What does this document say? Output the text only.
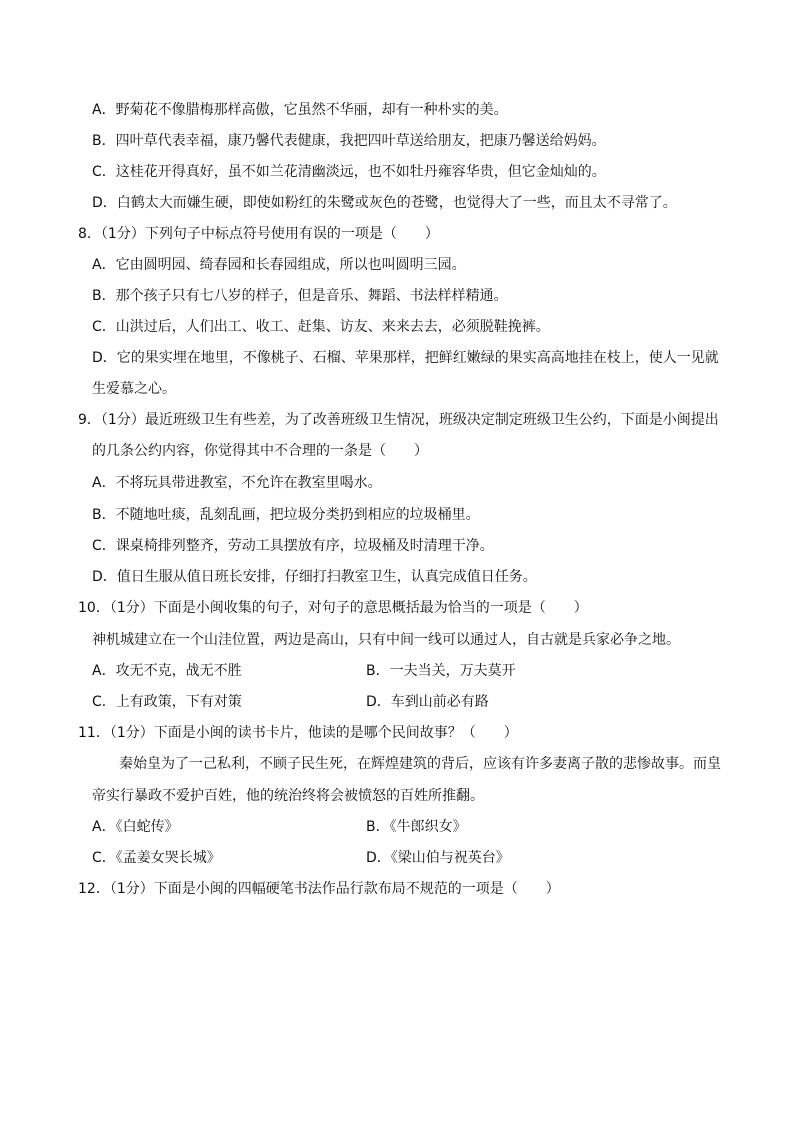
A．野菊花不像腊梅那样高傲，它虽然不华丽，却有一种朴实的美。
B．四叶草代表幸福，康乃馨代表健康，我把四叶草送给朋友，把康乃馨送给妈妈。
C．这桂花开得真好，虽不如兰花清幽淡远，也不如牡丹雍容华贵，但它金灿灿的。
D．白鹤太大而嫌生硬，即使如粉红的朱鹭或灰色的苍鹭，也觉得大了一些，而且太不寻常了。
8．（1分）下列句子中标点符号使用有误的一项是（　　）
A．它由圆明园、绮春园和长春园组成，所以也叫圆明三园。
B．那个孩子只有七八岁的样子，但是音乐、舞蹈、书法样样精通。
C．山洪过后，人们出工、收工、赶集、访友、来来去去，必须脱鞋挽裤。
D．它的果实埋在地里，不像桃子、石榴、苹果那样，把鲜红嫩绿的果实高高地挂在枝上，使人一见就
生爱慕之心。
9．（1分）最近班级卫生有些差，为了改善班级卫生情况，班级决定制定班级卫生公约，下面是小闽提出
的几条公约内容，你觉得其中不合理的一条是（　　）
A．不将玩具带进教室，不允许在教室里喝水。
B．不随地吐痰，乱刻乱画，把垃圾分类扔到相应的垃圾桶里。
C．课桌椅排列整齐，劳动工具摆放有序，垃圾桶及时清理干净。
D．值日生服从值日班长安排，仔细打扫教室卫生，认真完成值日任务。
10．（1分）下面是小闽收集的句子，对句子的意思概括最为恰当的一项是（　　）
神机城建立在一个山洼位置，两边是高山，只有中间一线可以通过人，自古就是兵家必争之地。
A．攻无不克，战无不胜	B．一夫当关，万夫莫开
C．上有政策，下有对策	D．车到山前必有路
11．（1分）下面是小闽的读书卡片，他读的是哪个民间故事？（　　）
秦始皇为了一己私利，不顾子民生死，在辉煌建筑的背后，应该有许多妻离子散的悲惨故事。而皇
帝实行暴政不爱护百姓，他的统治终将会被愤怒的百姓所推翻。
A．《白蛇传》	B．《牛郎织女》
C．《孟姜女哭长城》	D．《梁山伯与祝英台》
12．（1分）下面是小闽的四幅硬笔书法作品行款布局不规范的一项是（　　）
